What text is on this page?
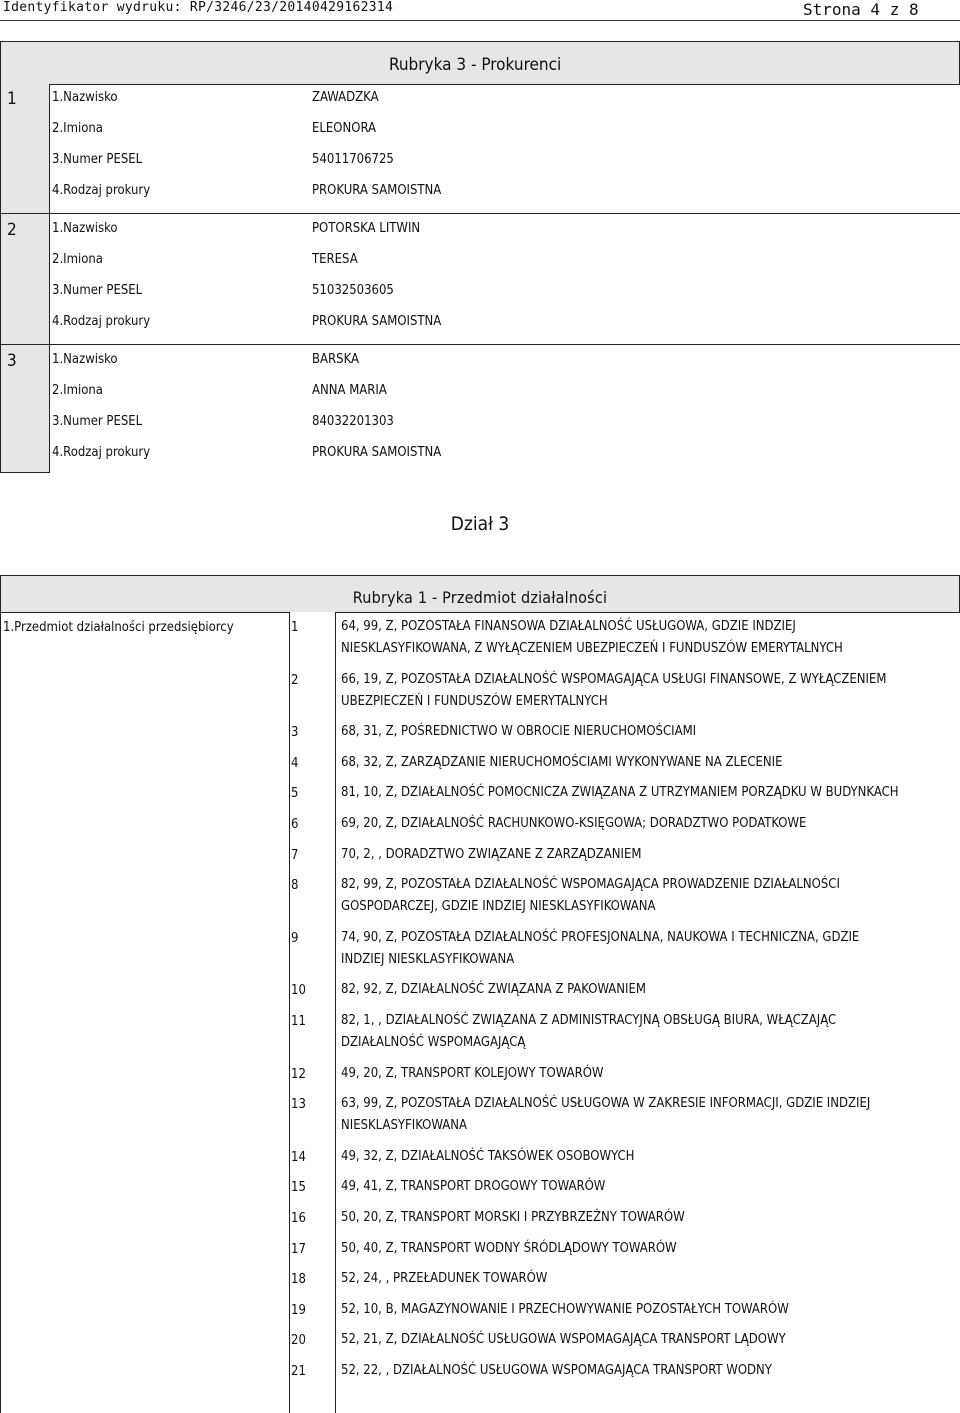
Identyfikator wydruku: RP/3246/23/20140429162314	Strona 4 z 8
Rubryka 3 - Prokurenci
1	1.Nazwisko	ZAWADZKA
2.Imiona	ELEONORA
3.Numer PESEL	54011706725
4.Rodzaj prokury	PROKURA SAMOISTNA
2	1.Nazwisko	POTORSKA LITWIN
2.Imiona	TERESA
3.Numer PESEL	51032503605
4.Rodzaj prokury	PROKURA SAMOISTNA
3	1.Nazwisko	BARSKA
2.Imiona	ANNA MARIA
3.Numer PESEL	84032201303
4.Rodzaj prokury	PROKURA SAMOISTNA
Dział 3
Rubryka 1 - Przedmiot działalności
1.Przedmiot działalności przedsiębiorcy	1	64, 99, Z, POZOSTAŁA FINANSOWA DZIAŁALNOŚĆ USŁUGOWA, GDZIE INDZIEJ
NIESKLASYFIKOWANA, Z WYŁĄCZENIEM UBEZPIECZEŃ I FUNDUSZÓW EMERYTALNYCH
2	66, 19, Z, POZOSTAŁA DZIAŁALNOŚĆ WSPOMAGAJĄCA USŁUGI FINANSOWE, Z WYŁĄCZENIEM
UBEZPIECZEŃ I FUNDUSZÓW EMERYTALNYCH
3	68, 31, Z, POŚREDNICTWO W OBROCIE NIERUCHOMOŚCIAMI
4	68, 32, Z, ZARZĄDZANIE NIERUCHOMOŚCIAMI WYKONYWANE NA ZLECENIE
5	81, 10, Z, DZIAŁALNOŚĆ POMOCNICZA ZWIĄZANA Z UTRZYMANIEM PORZĄDKU W BUDYNKACH
6	69, 20, Z, DZIAŁALNOŚĆ RACHUNKOWO-KSIĘGOWA; DORADZTWO PODATKOWE
7	70, 2, , DORADZTWO ZWIĄZANE Z ZARZĄDZANIEM
8	82, 99, Z, POZOSTAŁA DZIAŁALNOŚĆ WSPOMAGAJĄCA PROWADZENIE DZIAŁALNOŚCI
GOSPODARCZEJ, GDZIE INDZIEJ NIESKLASYFIKOWANA
9	74, 90, Z, POZOSTAŁA DZIAŁALNOŚĆ PROFESJONALNA, NAUKOWA I TECHNICZNA, GDZIE
INDZIEJ NIESKLASYFIKOWANA
10	82, 92, Z, DZIAŁALNOŚĆ ZWIĄZANA Z PAKOWANIEM
11	82, 1, , DZIAŁALNOŚĆ ZWIĄZANA Z ADMINISTRACYJNĄ OBSŁUGĄ BIURA, WŁĄCZAJĄC
DZIAŁALNOŚĆ WSPOMAGAJĄCĄ
12	49, 20, Z, TRANSPORT KOLEJOWY TOWARÓW
13	63, 99, Z, POZOSTAŁA DZIAŁALNOŚĆ USŁUGOWA W ZAKRESIE INFORMACJI, GDZIE INDZIEJ
NIESKLASYFIKOWANA
14	49, 32, Z, DZIAŁALNOŚĆ TAKSÓWEK OSOBOWYCH
15	49, 41, Z, TRANSPORT DROGOWY TOWARÓW
16	50, 20, Z, TRANSPORT MORSKI I PRZYBRZEŻNY TOWARÓW
17	50, 40, Z, TRANSPORT WODNY ŚRÓDLĄDOWY TOWARÓW
18	52, 24, , PRZEŁADUNEK TOWARÓW
19	52, 10, B, MAGAZYNOWANIE I PRZECHOWYWANIE POZOSTAŁYCH TOWARÓW
20	52, 21, Z, DZIAŁALNOŚĆ USŁUGOWA WSPOMAGAJĄCA TRANSPORT LĄDOWY
21	52, 22, , DZIAŁALNOŚĆ USŁUGOWA WSPOMAGAJĄCA TRANSPORT WODNY
